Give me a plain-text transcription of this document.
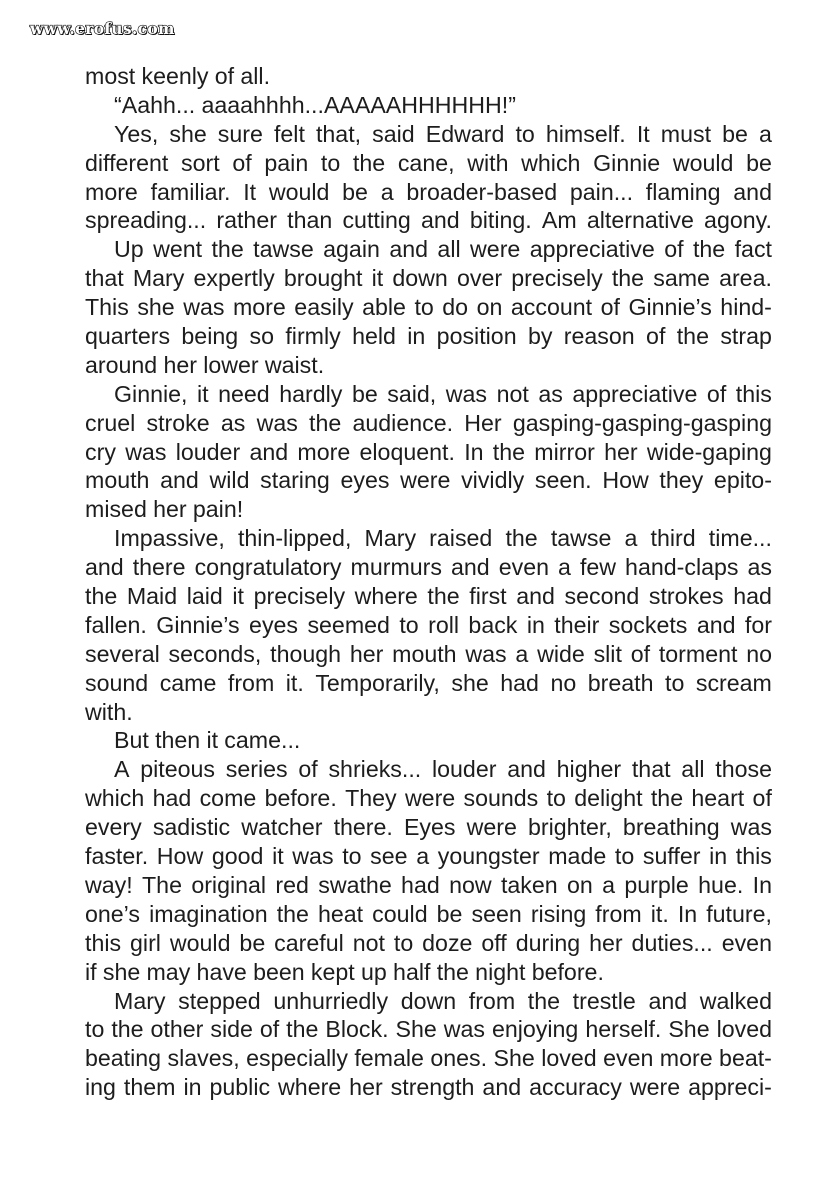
www.erofus.com
most keenly of all.
“Aahh... aaaahhhh...AAAAAHHHHHH!”
Yes, she sure felt that, said Edward to himself. It must be a
different sort of pain to the cane, with which Ginnie would be
more familiar. It would be a broader-based pain... flaming and
spreading... rather than cutting and biting. Am alternative agony.
Up went the tawse again and all were appreciative of the fact
that Mary expertly brought it down over precisely the same area.
This she was more easily able to do on account of Ginnie’s hind-
quarters being so firmly held in position by reason of the strap
around her lower waist.
Ginnie, it need hardly be said, was not as appreciative of this
cruel stroke as was the audience. Her gasping-gasping-gasping
cry was louder and more eloquent. In the mirror her wide-gaping
mouth and wild staring eyes were vividly seen. How they epito-
mised her pain!
Impassive, thin-lipped, Mary raised the tawse a third time...
and there congratulatory murmurs and even a few hand-claps as
the Maid laid it precisely where the first and second strokes had
fallen. Ginnie’s eyes seemed to roll back in their sockets and for
several seconds, though her mouth was a wide slit of torment no
sound came from it. Temporarily, she had no breath to scream
with.
But then it came...
A piteous series of shrieks... louder and higher that all those
which had come before. They were sounds to delight the heart of
every sadistic watcher there. Eyes were brighter, breathing was
faster. How good it was to see a youngster made to suffer in this
way! The original red swathe had now taken on a purple hue. In
one’s imagination the heat could be seen rising from it. In future,
this girl would be careful not to doze off during her duties... even
if she may have been kept up half the night before.
Mary stepped unhurriedly down from the trestle and walked
to the other side of the Block. She was enjoying herself. She loved
beating slaves, especially female ones. She loved even more beat-
ing them in public where her strength and accuracy were appreci-
